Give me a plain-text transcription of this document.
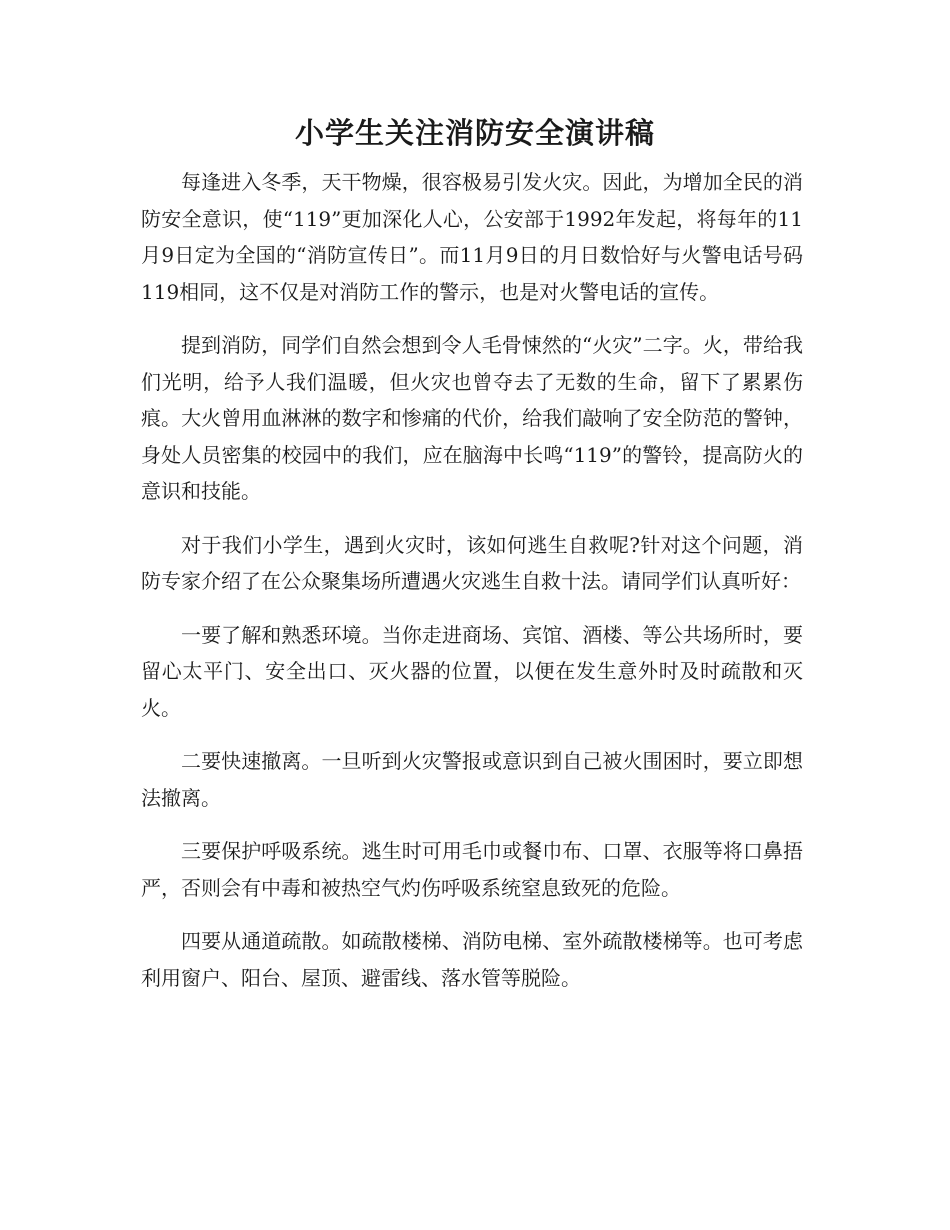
小学生关注消防安全演讲稿

每逢进入冬季，天干物燥，很容极易引发火灾。因此，为增加全民的消防安全意识，使“119”更加深化人心，公安部于1992年发起，将每年的11月9日定为全国的“消防宣传日”。而11月9日的月日数恰好与火警电话号码119相同，这不仅是对消防工作的警示，也是对火警电话的宣传。

提到消防，同学们自然会想到令人毛骨悚然的“火灾”二字。火，带给我们光明，给予人我们温暖，但火灾也曾夺去了无数的生命，留下了累累伤痕。大火曾用血淋淋的数字和惨痛的代价，给我们敲响了安全防范的警钟，身处人员密集的校园中的我们，应在脑海中长鸣“119”的警铃，提高防火的意识和技能。

对于我们小学生，遇到火灾时，该如何逃生自救呢?针对这个问题，消防专家介绍了在公众聚集场所遭遇火灾逃生自救十法。请同学们认真听好：

一要了解和熟悉环境。当你走进商场、宾馆、酒楼、等公共场所时，要留心太平门、安全出口、灭火器的位置，以便在发生意外时及时疏散和灭火。

二要快速撤离。一旦听到火灾警报或意识到自己被火围困时，要立即想法撤离。

三要保护呼吸系统。逃生时可用毛巾或餐巾布、口罩、衣服等将口鼻捂严，否则会有中毒和被热空气灼伤呼吸系统窒息致死的危险。

四要从通道疏散。如疏散楼梯、消防电梯、室外疏散楼梯等。也可考虑利用窗户、阳台、屋顶、避雷线、落水管等脱险。
